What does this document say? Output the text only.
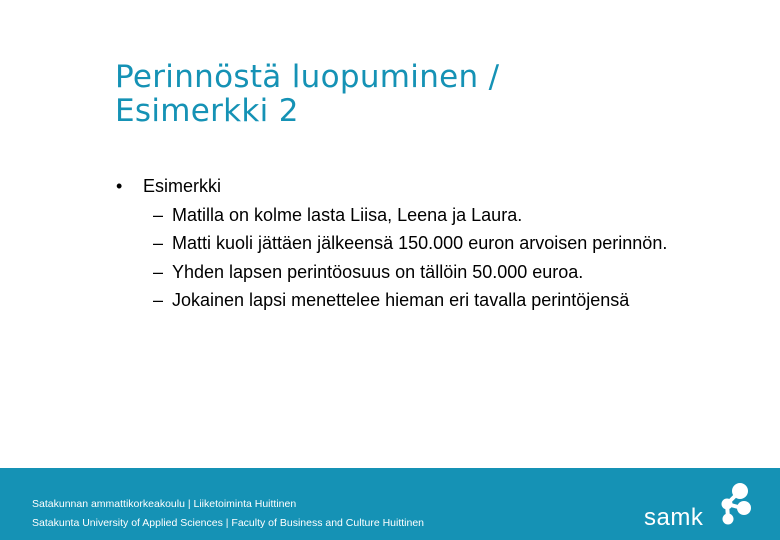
Perinnöstä luopuminen /
Esimerkki 2
•	Esimerkki
– Matilla on kolme lasta Liisa, Leena ja Laura.
– Matti kuoli jättäen jälkeensä 150.000 euron arvoisen perinnön.
– Yhden lapsen perintöosuus on tällöin 50.000 euroa.
– Jokainen lapsi menettelee hieman eri tavalla perintöjensä
Satakunnan ammattikorkeakoulu | Liiketoiminta Huittinen
Satakunta University of Applied Sciences | Faculty of Business and Culture Huittinen	samk
